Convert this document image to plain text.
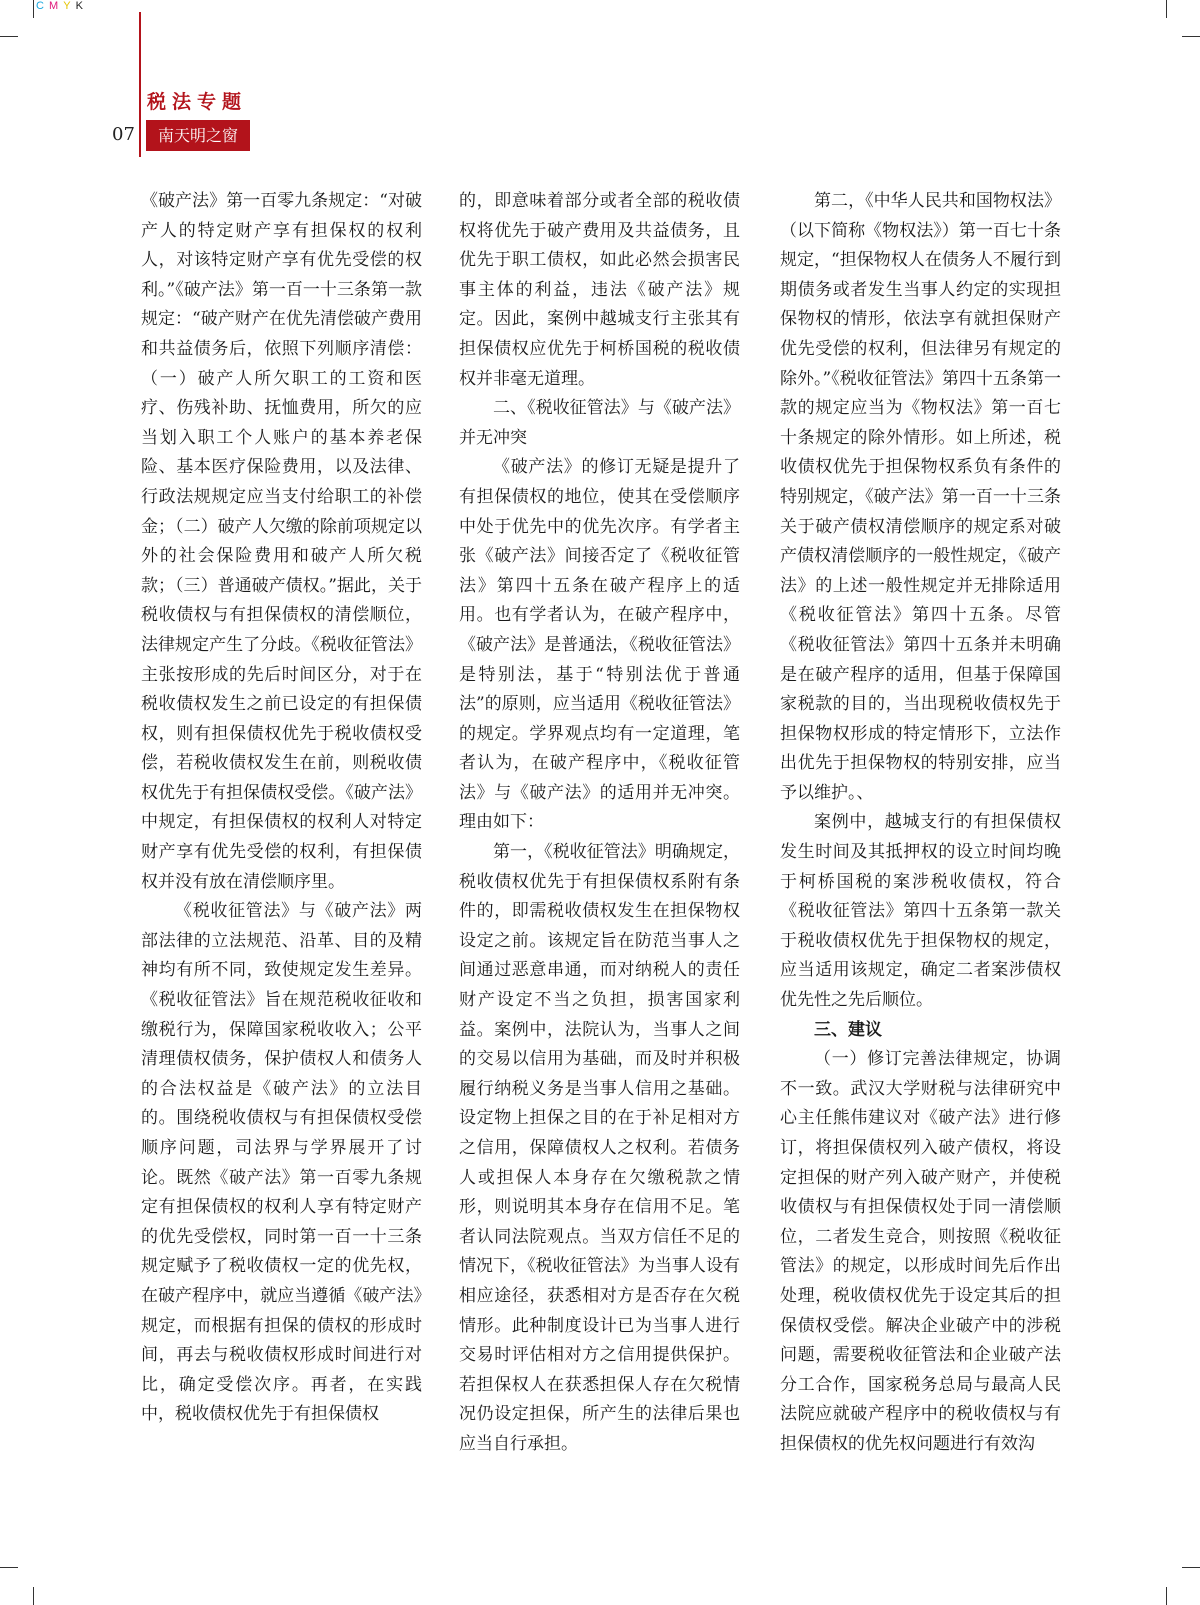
C M Y K
税法专题
07	南天明之窗

《破产法》第一百零九条规定：“对破产人的特定财产享有担保权的权利人，对该特定财产享有优先受偿的权利。”《破产法》第一百一十三条第一款规定：“破产财产在优先清偿破产费用和共益债务后，依照下列顺序清偿：（一）破产人所欠职工的工资和医疗、伤残补助、抚恤费用，所欠的应当划入职工个人账户的基本养老保险、基本医疗保险费用，以及法律、行政法规规定应当支付给职工的补偿金；（二）破产人欠缴的除前项规定以外的社会保险费用和破产人所欠税款；（三）普通破产债权。”据此，关于税收债权与有担保债权的清偿顺位，法律规定产生了分歧。《税收征管法》主张按形成的先后时间区分，对于在税收债权发生之前已设定的有担保债权，则有担保债权优先于税收债权受偿，若税收债权发生在前，则税收债权优先于有担保债权受偿。《破产法》中规定，有担保债权的权利人对特定财产享有优先受偿的权利，有担保债权并没有放在清偿顺序里。

《税收征管法》与《破产法》两部法律的立法规范、沿革、目的及精神均有所不同，致使规定发生差异。《税收征管法》旨在规范税收征收和缴税行为，保障国家税收收入；公平清理债权债务，保护债权人和债务人的合法权益是《破产法》的立法目的。围绕税收债权与有担保债权受偿顺序问题，司法界与学界展开了讨论。既然《破产法》第一百零九条规定有担保债权的权利人享有特定财产的优先受偿权，同时第一百一十三条规定赋予了税收债权一定的优先权，在破产程序中，就应当遵循《破产法》规定，而根据有担保的债权的形成时间，再去与税收债权形成时间进行对比，确定受偿次序。再者，在实践中，税收债权优先于有担保债权

的，即意味着部分或者全部的税收债权将优先于破产费用及共益债务，且优先于职工债权，如此必然会损害民事主体的利益，违法《破产法》规定。因此，案例中越城支行主张其有担保债权应优先于柯桥国税的税收债权并非毫无道理。

二、《税收征管法》与《破产法》并无冲突

《破产法》的修订无疑是提升了有担保债权的地位，使其在受偿顺序中处于优先中的优先次序。有学者主张《破产法》间接否定了《税收征管法》第四十五条在破产程序上的适用。也有学者认为，在破产程序中，《破产法》是普通法，《税收征管法》是特别法，基于“特别法优于普通法”的原则，应当适用《税收征管法》的规定。学界观点均有一定道理，笔者认为，在破产程序中，《税收征管法》与《破产法》的适用并无冲突。理由如下：

第一，《税收征管法》明确规定，税收债权优先于有担保债权系附有条件的，即需税收债权发生在担保物权设定之前。该规定旨在防范当事人之间通过恶意串通，而对纳税人的责任财产设定不当之负担，损害国家利益。案例中，法院认为，当事人之间的交易以信用为基础，而及时并积极履行纳税义务是当事人信用之基础。设定物上担保之目的在于补足相对方之信用，保障债权人之权利。若债务人或担保人本身存在欠缴税款之情形，则说明其本身存在信用不足。笔者认同法院观点。当双方信任不足的情况下，《税收征管法》为当事人设有相应途径，获悉相对方是否存在欠税情形。此种制度设计已为当事人进行交易时评估相对方之信用提供保护。若担保权人在获悉担保人存在欠税情况仍设定担保，所产生的法律后果也应当自行承担。

第二，《中华人民共和国物权法》（以下简称《物权法》）第一百七十条规定，“担保物权人在债务人不履行到期债务或者发生当事人约定的实现担保物权的情形，依法享有就担保财产优先受偿的权利，但法律另有规定的除外。”《税收征管法》第四十五条第一款的规定应当为《物权法》第一百七十条规定的除外情形。如上所述，税收债权优先于担保物权系负有条件的特别规定，《破产法》第一百一十三条关于破产债权清偿顺序的规定系对破产债权清偿顺序的一般性规定，《破产法》的上述一般性规定并无排除适用《税收征管法》第四十五条。尽管《税收征管法》第四十五条并未明确是在破产程序的适用，但基于保障国家税款的目的，当出现税收债权先于担保物权形成的特定情形下，立法作出优先于担保物权的特别安排，应当予以维护。、

案例中，越城支行的有担保债权发生时间及其抵押权的设立时间均晚于柯桥国税的案涉税收债权，符合《税收征管法》第四十五条第一款关于税收债权优先于担保物权的规定，应当适用该规定，确定二者案涉债权优先性之先后顺位。

三、建议

（一）修订完善法律规定，协调不一致。武汉大学财税与法律研究中心主任熊伟建议对《破产法》进行修订，将担保债权列入破产债权，将设定担保的财产列入破产财产，并使税收债权与有担保债权处于同一清偿顺位，二者发生竞合，则按照《税收征管法》的规定，以形成时间先后作出处理，税收债权优先于设定其后的担保债权受偿。解决企业破产中的涉税问题，需要税收征管法和企业破产法分工合作，国家税务总局与最高人民法院应就破产程序中的税收债权与有担保债权的优先权问题进行有效沟
